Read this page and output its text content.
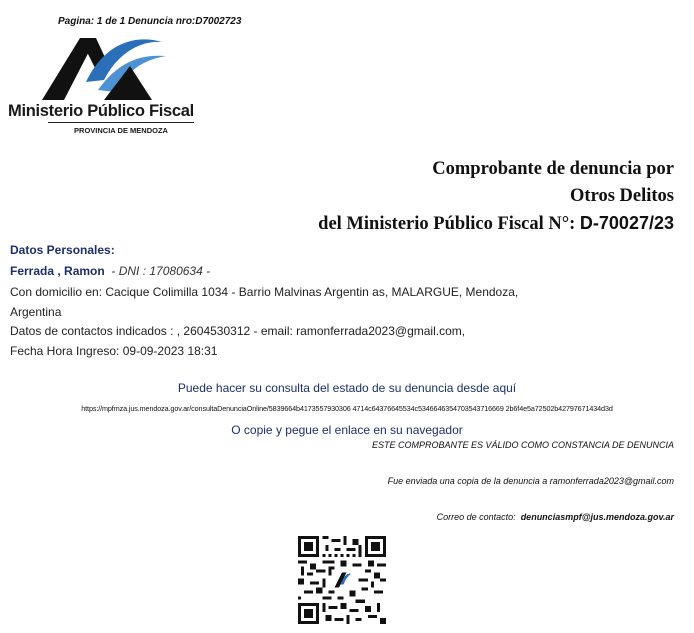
Pagina: 1 de 1 Denuncia nro:D7002723
Ministerio Público Fiscal
PROVINCIA DE MENDOZA
Comprobante de denuncia por
Otros Delitos
del Ministerio Público Fiscal N°: D-70027/23
Datos Personales:
Ferrada , Ramon - DNI : 17080634 -
Con domicilio en: Cacique Colimilla 1034 - Barrio Malvinas Argentin as, MALARGUE, Mendoza,
Argentina
Datos de contactos indicados : , 2604530312 - email: ramonferrada2023@gmail.com,
Fecha Hora Ingreso: 09-09-2023 18:31
Puede hacer su consulta del estado de su denuncia desde aquí
https://mpfmza.jus.mendoza.gov.ar/consultaDenunciaOnline/5839664b4173557930306 4714c64376645534c5346646354703543716669 2b6f4e5a72502b42797671434d3d
O copie y pegue el enlace en su navegador
ESTE COMPROBANTE ES VÁLIDO COMO CONSTANCIA DE DENUNCIA
Fue enviada una copia de la denuncia a ramonferrada2023@gmail.com
Correo de contacto: denunciasmpf@jus.mendoza.gov.ar
